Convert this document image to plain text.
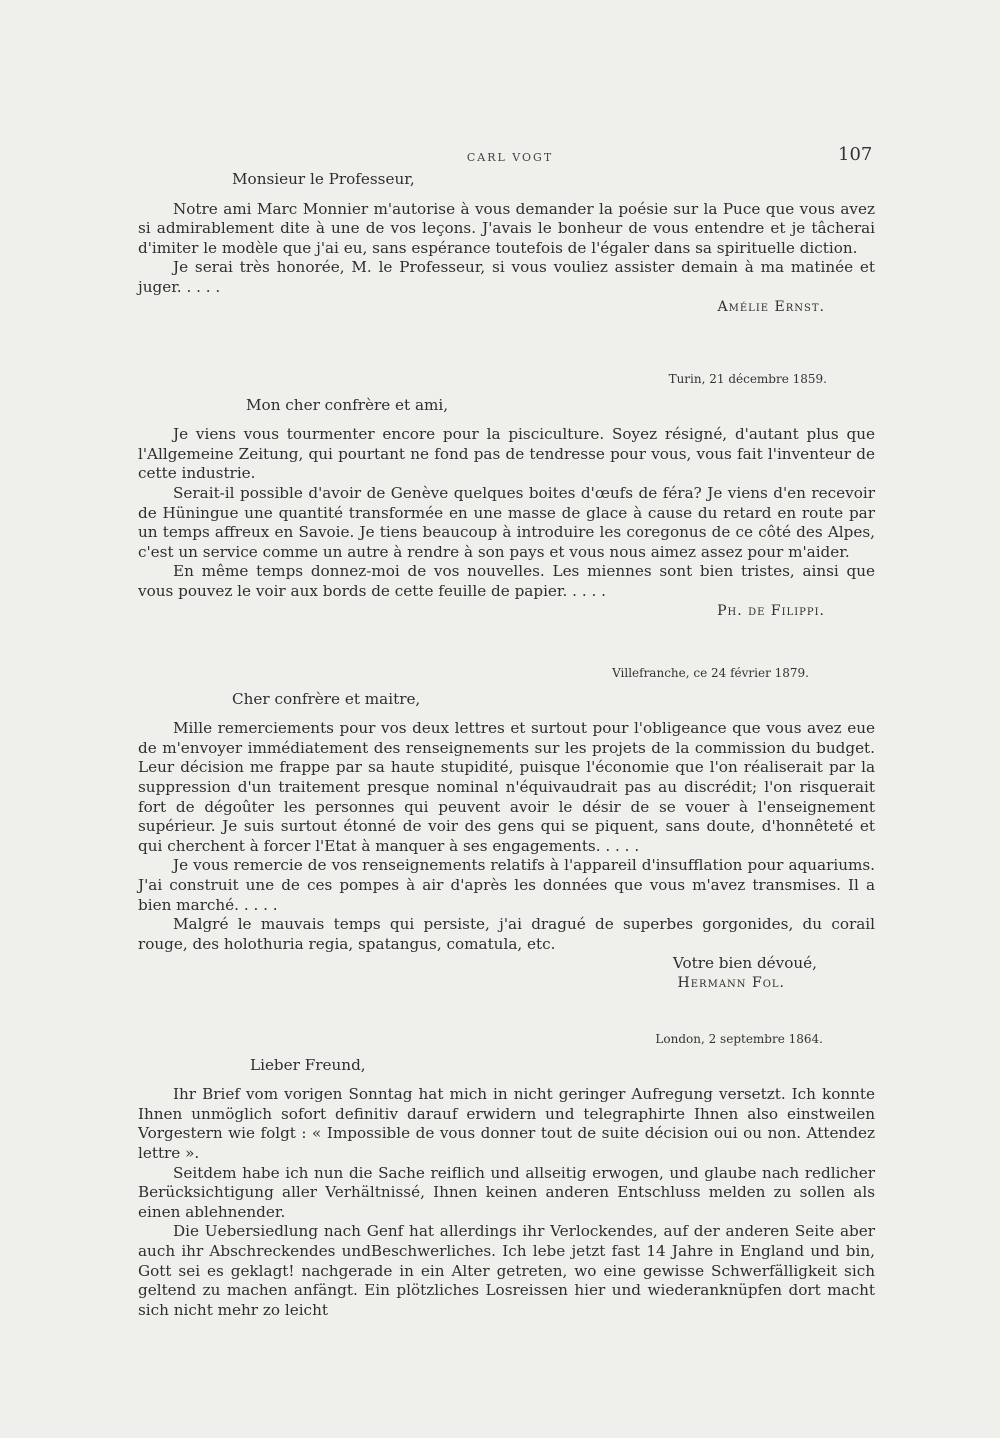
CARL VOGT	107
Monsieur le Professeur,

Notre ami Marc Monnier m'autorise à vous demander la poésie sur la Puce que vous avez si admirablement dite à une de vos leçons. J'avais le bonheur de vous entendre et je tâcherai d'imiter le modèle que j'ai eu, sans espérance toutefois de l'égaler dans sa spirituelle diction.

Je serai très honorée, M. le Professeur, si vous vouliez assister demain à ma matinée et juger. . . . .

Amélie Ernst.
Turin, 21 décembre 1859.
Mon cher confrère et ami,

Je viens vous tourmenter encore pour la pisciculture. Soyez résigné, d'autant plus que l'Allgemeine Zeitung, qui pourtant ne fond pas de tendresse pour vous, vous fait l'inventeur de cette industrie.

Serait-il possible d'avoir de Genève quelques boites d'œufs de féra? Je viens d'en recevoir de Hüningue une quantité transformée en une masse de glace à cause du retard en route par un temps affreux en Savoie. Je tiens beaucoup à introduire les coregonus de ce côté des Alpes, c'est un service comme un autre à rendre à son pays et vous nous aimez assez pour m'aider.

En même temps donnez-moi de vos nouvelles. Les miennes sont bien tristes, ainsi que vous pouvez le voir aux bords de cette feuille de papier. . . . .

Ph. de Filippi.
Villefranche, ce 24 février 1879.
Cher confrère et maitre,

Mille remerciements pour vos deux lettres et surtout pour l'obligeance que vous avez eue de m'envoyer immédiatement des renseignements sur les projets de la commission du budget. Leur décision me frappe par sa haute stupidité, puisque l'économie que l'on réaliserait par la suppression d'un traitement presque nominal n'équivaudrait pas au discrédit; l'on risquerait fort de dégoûter les personnes qui peuvent avoir le désir de se vouer à l'enseignement supérieur. Je suis surtout étonné de voir des gens qui se piquent, sans doute, d'honnêteté et qui cherchent à forcer l'Etat à manquer à ses engagements. . . . .

Je vous remercie de vos renseignements relatifs à l'appareil d'insufflation pour aquariums. J'ai construit une de ces pompes à air d'après les données que vous m'avez transmises. Il a bien marché. . . . .

Malgré le mauvais temps qui persiste, j'ai dragué de superbes gorgonides, du corail rouge, des holothuria regia, spatangus, comatula, etc.

Votre bien dévoué,
Hermann Fol.
London, 2 septembre 1864.
Lieber Freund,

Ihr Brief vom vorigen Sonntag hat mich in nicht geringer Aufregung versetzt. Ich konnte Ihnen unmöglich sofort definitiv darauf erwidern und telegraphirte Ihnen also einstweilen Vorgestern wie folgt : « Impossible de vous donner tout de suite décision oui ou non. Attendez lettre ».

Seitdem habe ich nun die Sache reiflich und allseitig erwogen, und glaube nach redlicher Berücksichtigung aller Verhältnissé, Ihnen keinen anderen Entschluss melden zu sollen als einen ablehnender.

Die Uebersiedlung nach Genf hat allerdings ihr Verlockendes, auf der anderen Seite aber auch ihr Abschreckendes undBeschwerliches. Ich lebe jetzt fast 14 Jahre in England und bin, Gott sei es geklagt! nachgerade in ein Alter getreten, wo eine gewisse Schwerfälligkeit sich geltend zu machen anfängt. Ein plötzliches Losreissen hier und wiederanknüpfen dort macht sich nicht mehr zo leicht
